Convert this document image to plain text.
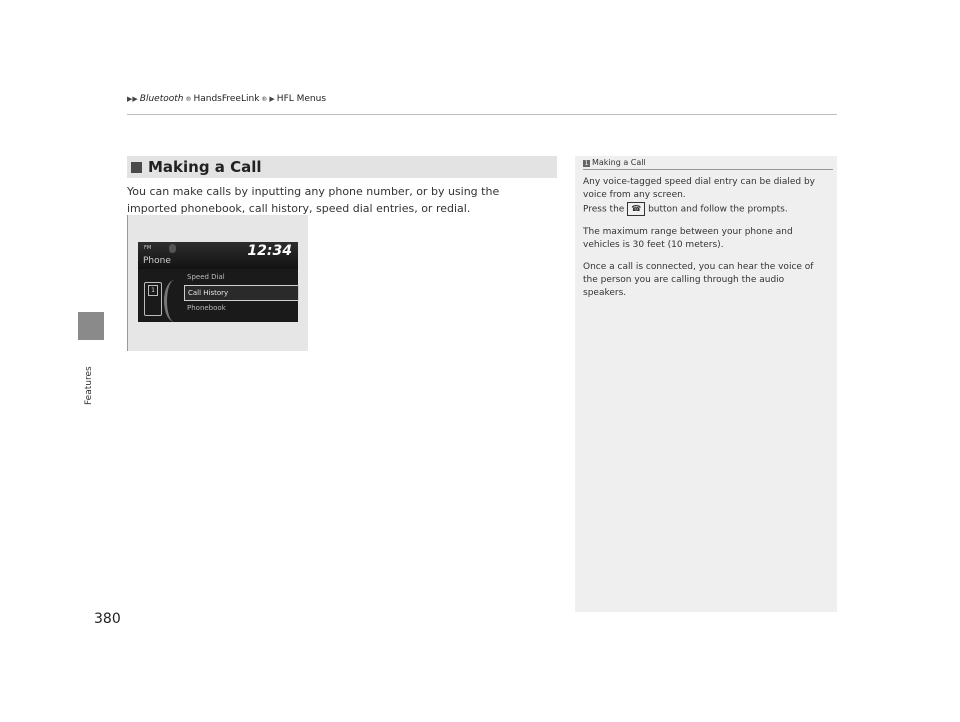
▶▶ Bluetooth ® HandsFreeLink ® ▶ HFL Menus
Features
Making a Call
You can make calls by inputting any phone number, or by using the imported phonebook, call history, speed dial entries, or redial.
FM	12:34
Phone
1
Speed Dial
Call History
Phonebook
1 Making a Call

Any voice-tagged speed dial entry can be dialed by voice from any screen.
Press the ☎ button and follow the prompts.

The maximum range between your phone and vehicles is 30 feet (10 meters).

Once a call is connected, you can hear the voice of the person you are calling through the audio speakers.

380
